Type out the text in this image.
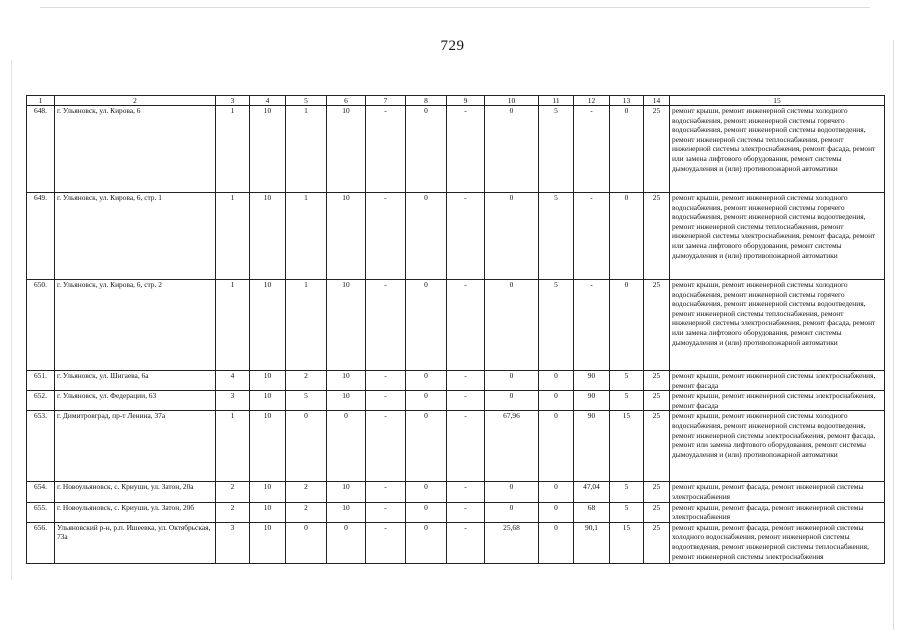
729
1	2	3	4	5	6	7	8	9	10	11	12	13	14	15
648.	г. Ульяновск, ул. Кирова, 6	1	10	1	10	-	0	-	0	5	-	0	25	ремонт крыши, ремонт инженерной системы холодного водоснабжения, ремонт инженерной системы горячего водоснабжения, ремонт инженерной системы водоотведения, ремонт инженерной системы теплоснабжения, ремонт инженерной системы электроснабжения, ремонт фасада, ремонт или замена лифтового оборудования, ремонт системы дымоудаления и (или) противопожарной автоматики
649.	г. Ульяновск, ул. Кирова, 6, стр. 1	1	10	1	10	-	0	-	0	5	-	0	25	ремонт крыши, ремонт инженерной системы холодного водоснабжения, ремонт инженерной системы горячего водоснабжения, ремонт инженерной системы водоотведения, ремонт инженерной системы теплоснабжения, ремонт инженерной системы электроснабжения, ремонт фасада, ремонт или замена лифтового оборудования, ремонт системы дымоудаления и (или) противопожарной автоматики
650.	г. Ульяновск, ул. Кирова, 6, стр. 2	1	10	1	10	-	0	-	0	5	-	0	25	ремонт крыши, ремонт инженерной системы холодного водоснабжения, ремонт инженерной системы горячего водоснабжения, ремонт инженерной системы водоотведения, ремонт инженерной системы теплоснабжения, ремонт инженерной системы электроснабжения, ремонт фасада, ремонт или замена лифтового оборудования, ремонт системы дымоудаления и (или) противопожарной автоматики
651.	г. Ульяновск, ул. Шигаева, 6а	4	10	2	10	-	0	-	0	0	90	5	25	ремонт крыши, ремонт инженерной системы электроснабжения, ремонт фасада
652.	г. Ульяновск, ул. Федерации, 63	3	10	5	10	-	0	-	0	0	90	5	25	ремонт крыши, ремонт инженерной системы электроснабжения, ремонт фасада
653.	г. Димитровград, пр-т Ленина, 37а	1	10	0	0	-	0	-	67,96	0	90	15	25	ремонт крыши, ремонт инженерной системы холодного водоснабжения, ремонт инженерной системы водоотведения, ремонт инженерной системы электроснабжения, ремонт фасада, ремонт или замена лифтового оборудования, ремонт системы дымоудаления и (или) противопожарной автоматики
654.	г. Новоульяновск, с. Криуши, ул. Затон, 20а	2	10	2	10	-	0	-	0	0	47,04	5	25	ремонт крыши, ремонт фасада, ремонт инженерной системы электроснабжения
655.	г. Новоульяновск, с. Криуши, ул. Затон, 20б	2	10	2	10	-	0	-	0	0	68	5	25	ремонт крыши, ремонт фасада, ремонт инженерной системы электроснабжения
656.	Ульяновский р-н, р.п. Ишеевка, ул. Октябрьская, 73а	3	10	0	0	-	0	-	25,68	0	90,1	15	25	ремонт крыши, ремонт фасада, ремонт инженерной системы холодного водоснабжения, ремонт инженерной системы водоотведения, ремонт инженерной системы теплоснабжения, ремонт инженерной системы электроснабжения
